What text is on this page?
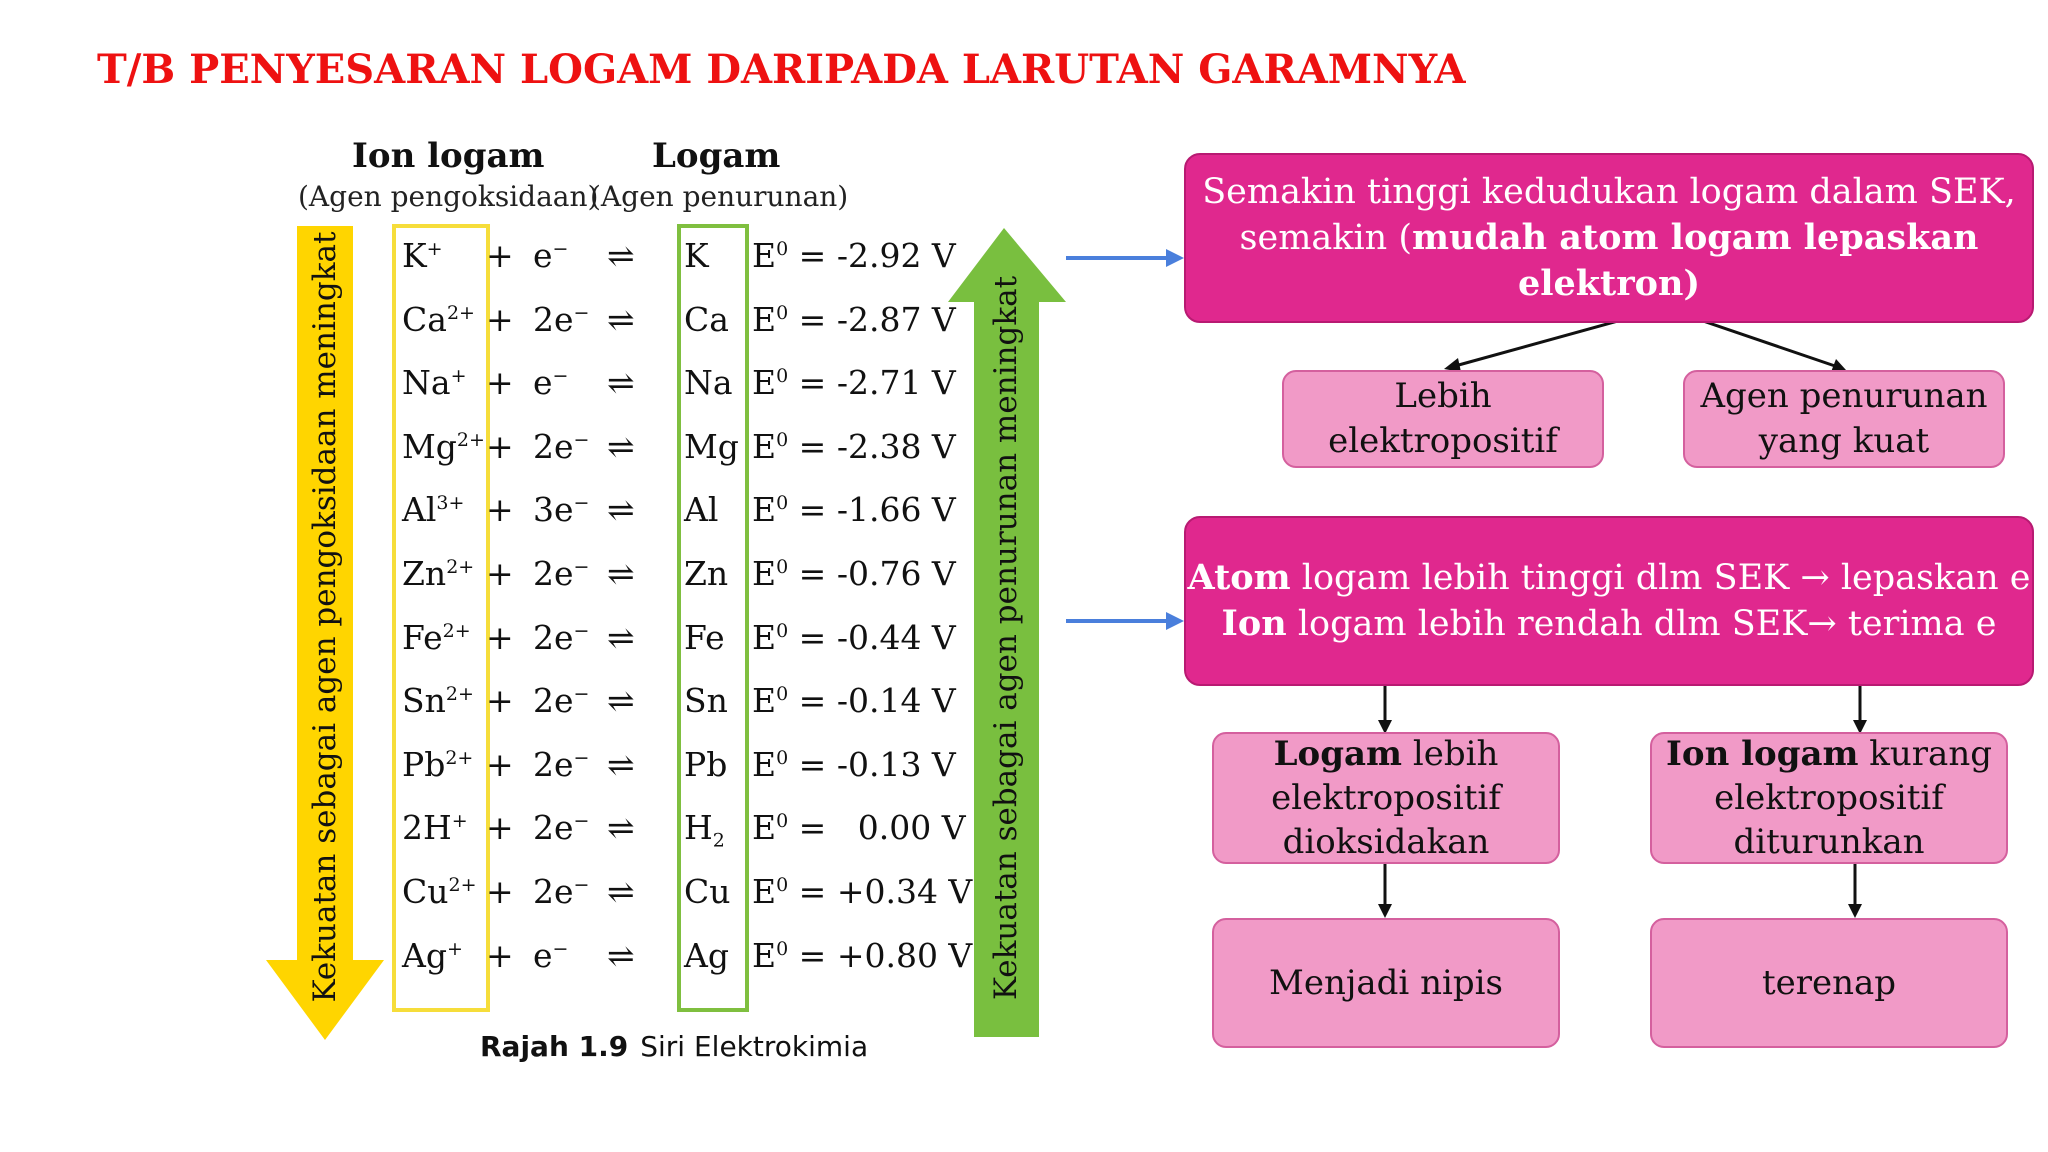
T/B PENYESARAN LOGAM DARIPADA LARUTAN GARAMNYA
Ion logam
(Agen pengoksidaan)
Logam
(Agen penurunan)
Kekuatan sebagai agen pengoksidaan meningkat	Kekuatan sebagai agen penurunan meningkat
K+ + e− ⇌ K $E^0 = -2.92$ V
$Ca^{2+} + 2e^-$ ⇌ Ca $E^0 = -2.87$ V
Na+ + e− ⇌ Na $E^0 = -2.71$ V
$Mg^{2+} + 2e^-$ ⇌ Mg $E^0 = -2.38$ V
$Al^{3+} + 3e^-$ ⇌ Al $E^0 = -1.66$ V
$Zn^{2+} + 2e^-$ ⇌ Zn $E^0 = -0.76$ V
$Fe^{2+} + 2e^-$ ⇌ Fe $E^0 = -0.44$ V
$Sn^{2+} + 2e^-$ ⇌ Sn $E^0 = -0.14$ V
$Pb^{2+} + 2e^-$ ⇌ Pb $E^0 = -0.13$ V
2H+ + 2e− ⇌ $H_2$ $E^0 = 0.00$ V
$Cu^{2+} + 2e^-$ ⇌ Cu $E^0 = +0.34$ V
Ag+ + e− ⇌ Ag $E^0 = +0.80$ V
Rajah 1.9 Siri Elektrokimia
Semakin tinggi kedudukan logam dalam SEK,
semakin (mudah atom logam lepaskan
elektron)
Lebih
elektropositif
Agen penurunan
yang kuat
Atom logam lebih tinggi dlm SEK → lepaskan e
Ion logam lebih rendah dlm SEK→ terima e
Logam lebih
elektropositif
dioksidakan
Ion logam kurang
elektropositif
diturunkan
Menjadi nipis	terenap
